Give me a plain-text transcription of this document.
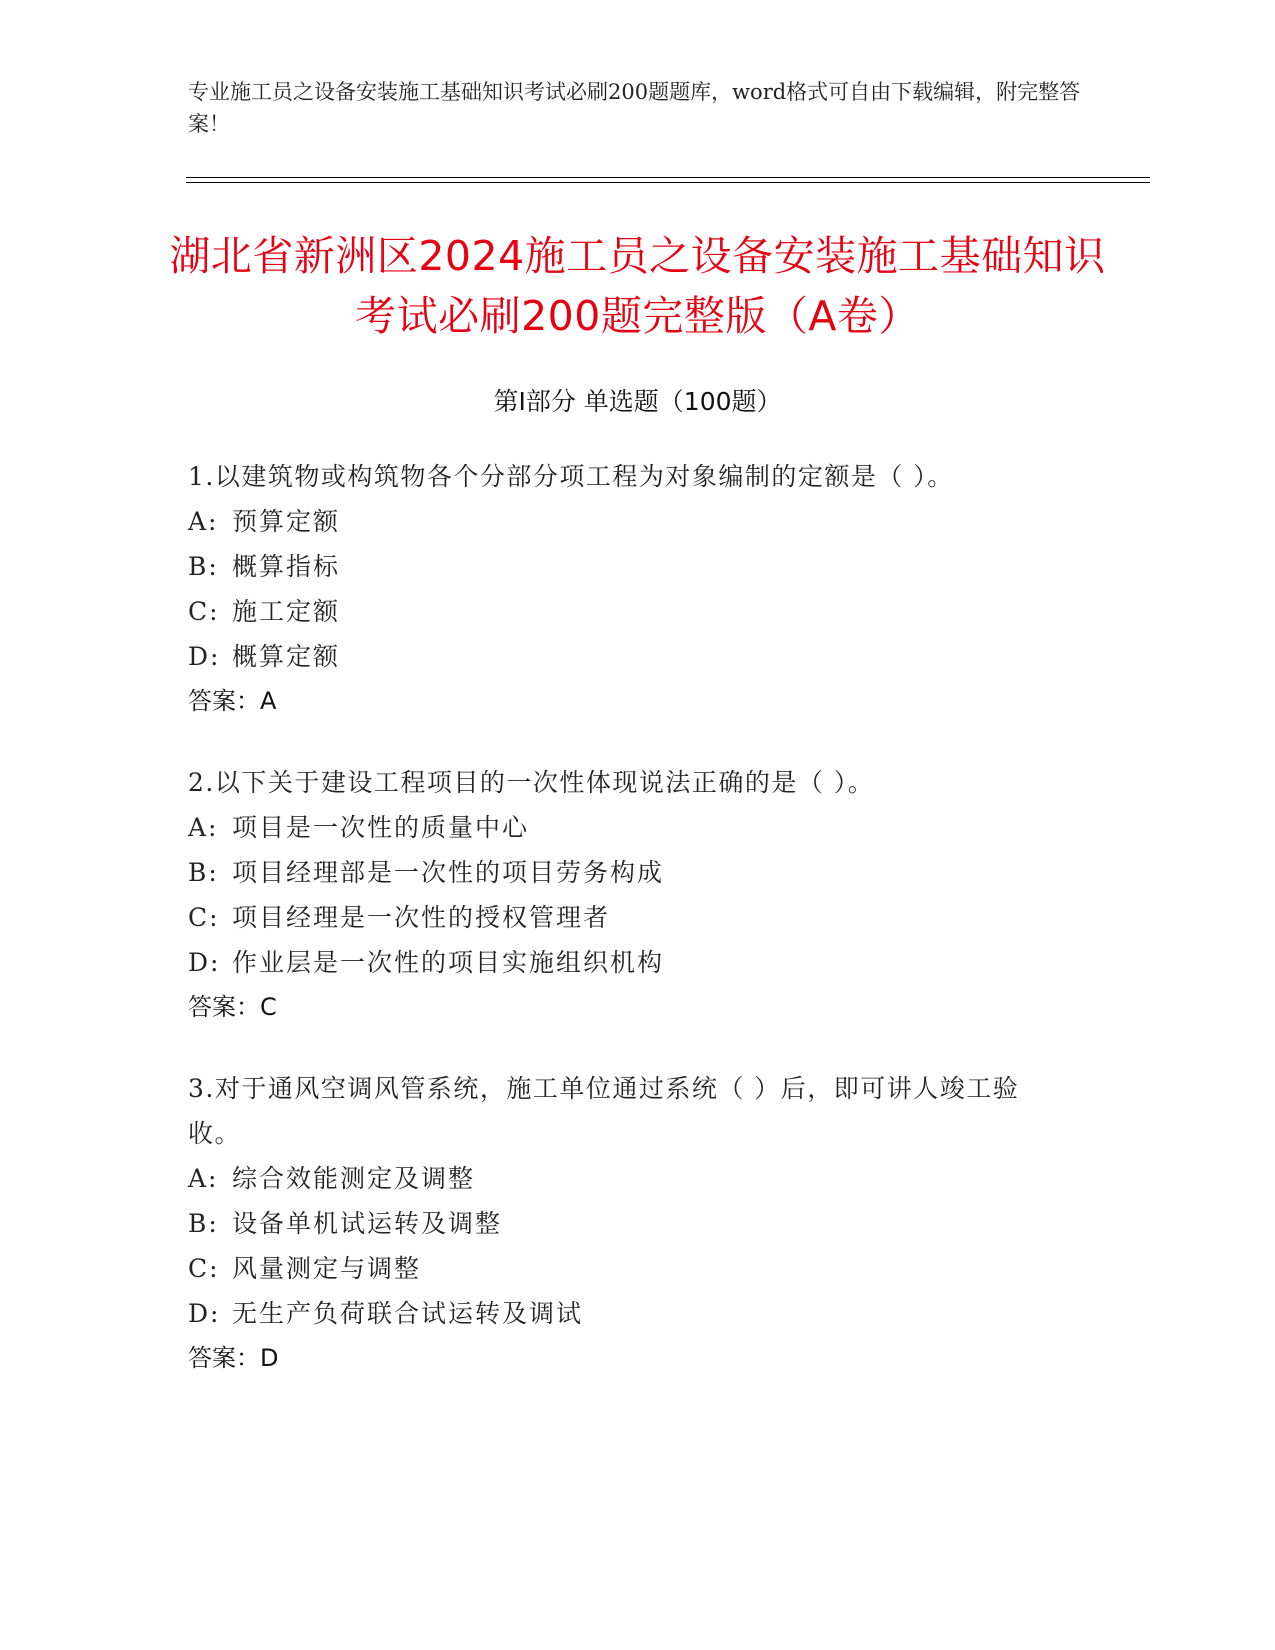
专业施工员之设备安装施工基础知识考试必刷200题题库，word格式可自由下载编辑，附完整答案！
湖北省新洲区2024施工员之设备安装施工基础知识考试必刷200题完整版（A卷）
第Ⅰ部分 单选题（100题）
1.以建筑物或构筑物各个分部分项工程为对象编制的定额是（ ）。
A: 预算定额
B: 概算指标
C: 施工定额
D: 概算定额
答案：A
2.以下关于建设工程项目的一次性体现说法正确的是（ ）。
A: 项目是一次性的质量中心
B: 项目经理部是一次性的项目劳务构成
C: 项目经理是一次性的授权管理者
D: 作业层是一次性的项目实施组织机构
答案：C
3.对于通风空调风管系统，施工单位通过系统（ ）后，即可讲人竣工验收。
A: 综合效能测定及调整
B: 设备单机试运转及调整
C: 风量测定与调整
D: 无生产负荷联合试运转及调试
答案：D
